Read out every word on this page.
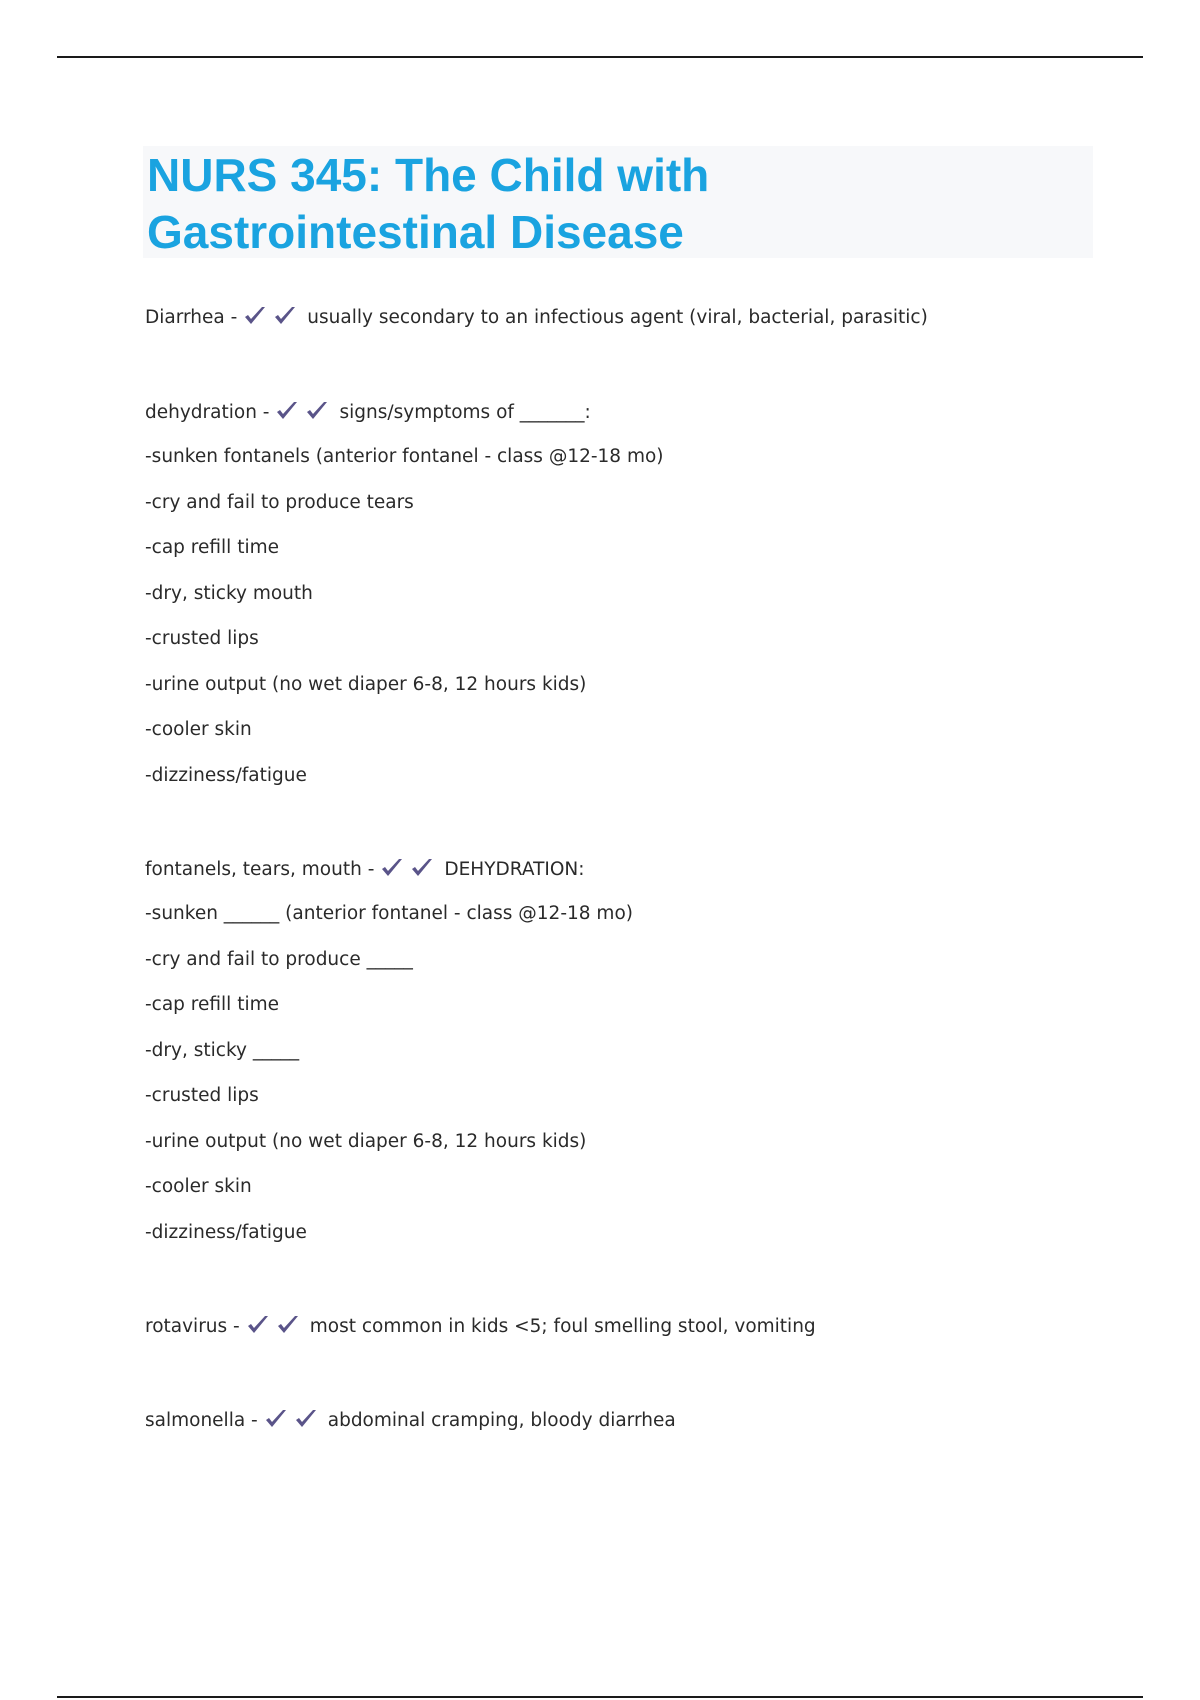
NURS 345: The Child with
Gastrointestinal Disease
Diarrhea -	usually secondary to an infectious agent (viral, bacterial, parasitic)
dehydration -	signs/symptoms of _______:
-sunken fontanels (anterior fontanel - class @12-18 mo)
-cry and fail to produce tears
-cap refill time
-dry, sticky mouth
-crusted lips
-urine output (no wet diaper 6-8, 12 hours kids)
-cooler skin
-dizziness/fatigue
fontanels, tears, mouth -	DEHYDRATION:
-sunken ______ (anterior fontanel - class @12-18 mo)
-cry and fail to produce _____
-cap refill time
-dry, sticky _____
-crusted lips
-urine output (no wet diaper 6-8, 12 hours kids)
-cooler skin
-dizziness/fatigue
rotavirus -	most common in kids <5; foul smelling stool, vomiting
salmonella -	abdominal cramping, bloody diarrhea
